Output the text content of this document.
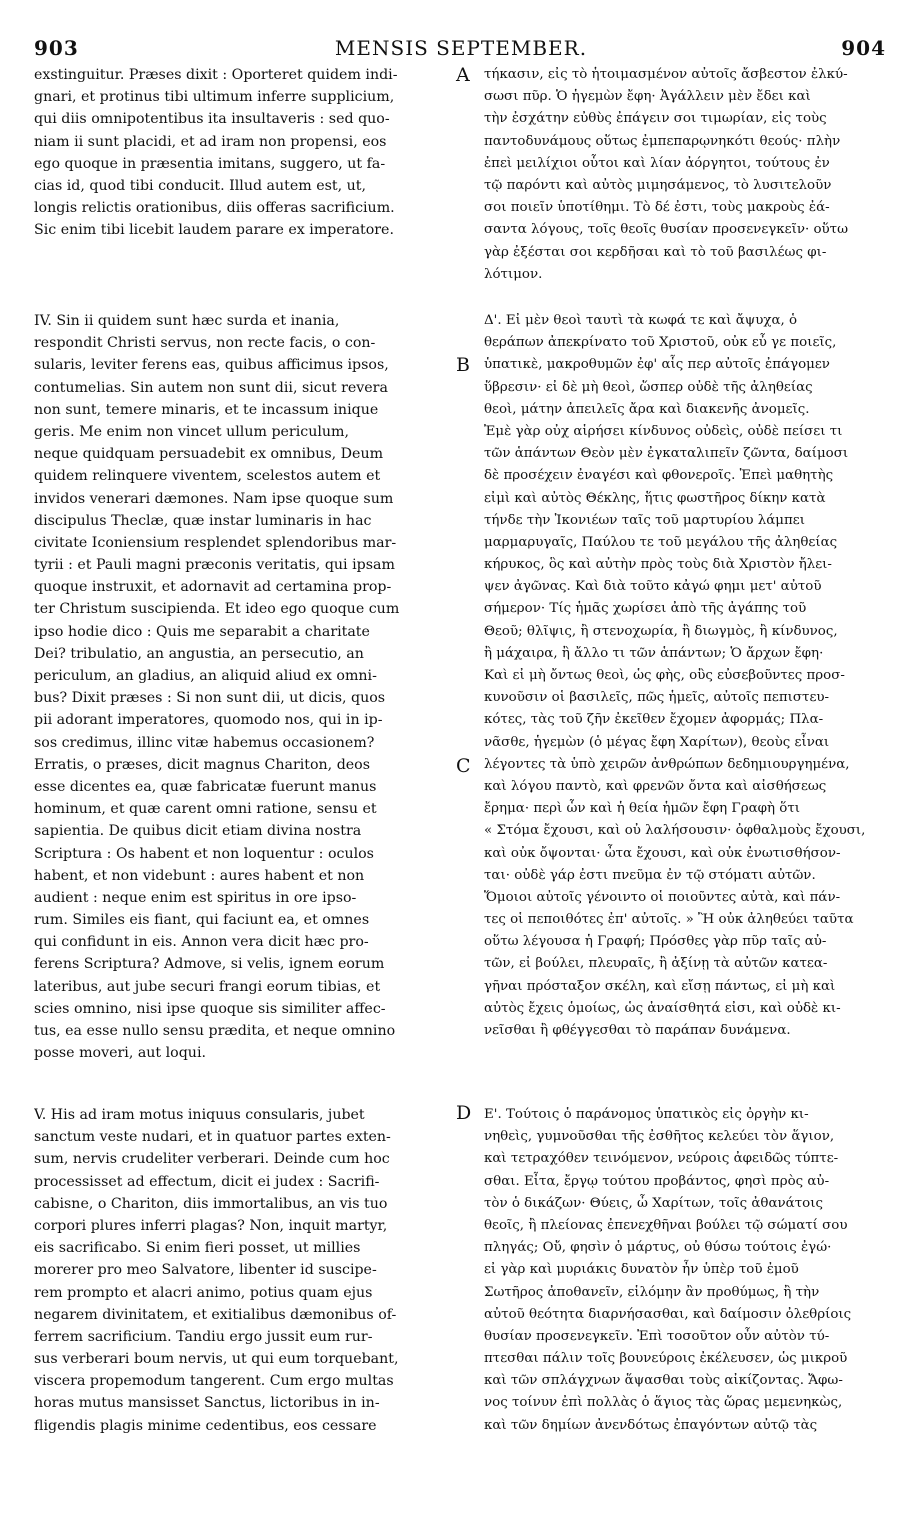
903	MENSIS SEPTEMBER.	904
exstinguitur. Præses dixit : Oporteret quidem indi-
gnari, et protinus tibi ultimum inferre supplicium,
qui diis omnipotentibus ita insultaveris : sed quo-
niam ii sunt placidi, et ad iram non propensi, eos
ego quoque in præsentia imitans, suggero, ut fa-
cias id, quod tibi conducit. Illud autem est, ut,
longis relictis orationibus, diis offeras sacrificium.
Sic enim tibi licebit laudem parare ex imperatore.
IV. Sin ii quidem sunt hæc surda et inania,
respondit Christi servus, non recte facis, o con-
sularis, leviter ferens eas, quibus afficimus ipsos,
contumelias. Sin autem non sunt dii, sicut revera
non sunt, temere minaris, et te incassum inique
geris. Me enim non vincet ullum periculum,
neque quidquam persuadebit ex omnibus, Deum
quidem relinquere viventem, scelestos autem et
invidos venerari dæmones. Nam ipse quoque sum
discipulus Theclæ, quæ instar luminaris in hac
civitate Iconiensium resplendet splendoribus mar-
tyrii : et Pauli magni præconis veritatis, qui ipsam
quoque instruxit, et adornavit ad certamina prop-
ter Christum suscipienda. Et ideo ego quoque cum
ipso hodie dico : Quis me separabit a charitate
Dei? tribulatio, an angustia, an persecutio, an
periculum, an gladius, an aliquid aliud ex omni-
bus? Dixit præses : Si non sunt dii, ut dicis, quos
pii adorant imperatores, quomodo nos, qui in ip-
sos credimus, illinc vitæ habemus occasionem?
Erratis, o præses, dicit magnus Chariton, deos
esse dicentes ea, quæ fabricatæ fuerunt manus
hominum, et quæ carent omni ratione, sensu et
sapientia. De quibus dicit etiam divina nostra
Scriptura : Os habent et non loquentur : oculos
habent, et non videbunt : aures habent et non
audient : neque enim est spiritus in ore ipso-
rum. Similes eis fiant, qui faciunt ea, et omnes
qui confidunt in eis. Annon vera dicit hæc pro-
ferens Scriptura? Admove, si velis, ignem eorum
lateribus, aut jube securi frangi eorum tibias, et
scies omnino, nisi ipse quoque sis similiter affec-
tus, ea esse nullo sensu prædita, et neque omnino
posse moveri, aut loqui.
V. His ad iram motus iniquus consularis, jubet
sanctum veste nudari, et in quatuor partes exten-
sum, nervis crudeliter verberari. Deinde cum hoc
processisset ad effectum, dicit ei judex : Sacrifi-
cabisne, o Chariton, diis immortalibus, an vis tuo
corpori plures inferri plagas? Non, inquit martyr,
eis sacrificabo. Si enim fieri posset, ut millies
morerer pro meo Salvatore, libenter id suscipe-
rem prompto et alacri animo, potius quam ejus
negarem divinitatem, et exitialibus dæmonibus of-
ferrem sacrificium. Tandiu ergo jussit eum rur-
sus verberari boum nervis, ut qui eum torquebant,
viscera propemodum tangerent. Cum ergo multas
horas mutus mansisset Sanctus, lictoribus in in-
fligendis plagis minime cedentibus, eos cessare
τήκασιν, εἰς τὸ ἡτοιμασμένον αὐτοῖς ἄσβεστον ἐλκύ-
σωσι πῦρ. Ὁ ἡγεμὼν ἔφη· Ἀγάλλειν μὲν ἔδει καὶ
τὴν ἐσχάτην εὐθὺς ἐπάγειν σοι τιμωρίαν, εἰς τοὺς
παντοδυνάμους οὕτως ἐμπεπαρῳνηκότι θεούς· πλὴν
ἐπεὶ μειλίχιοι οὗτοι καὶ λίαν ἀόργητοι, τούτους ἐν
τῷ παρόντι καὶ αὐτὸς μιμησάμενος, τὸ λυσιτελοῦν
σοι ποιεῖν ὑποτίθημι. Τὸ δέ ἐστι, τοὺς μακροὺς ἐά-
σαντα λόγους, τοῖς θεοῖς θυσίαν προσενεγκεῖν· οὕτω
γὰρ ἐξέσται σοι κερδῆσαι καὶ τὸ τοῦ βασιλέως φι-
λότιμον.
Δ'. Εἰ μὲν θεοὶ ταυτὶ τὰ κωφά τε καὶ ἄψυχα, ὁ
θεράπων ἀπεκρίνατο τοῦ Χριστοῦ, οὐκ εὖ γε ποιεῖς,
ὑπατικὲ, μακροθυμῶν ἐφ' αἷς περ αὐτοῖς ἐπάγομεν
ὕβρεσιν· εἰ δὲ μὴ θεοὶ, ὥσπερ οὐδὲ τῆς ἀληθείας
θεοὶ, μάτην ἀπειλεῖς ἄρα καὶ διακενῆς ἀνομεῖς.
Ἐμὲ γὰρ οὐχ αἱρήσει κίνδυνος οὐδεὶς, οὐδὲ πείσει τι
τῶν ἁπάντων Θεὸν μὲν ἐγκαταλιπεῖν ζῶντα, δαίμοσι
δὲ προσέχειν ἐναγέσι καὶ φθονεροῖς. Ἐπεὶ μαθητὴς
εἰμὶ καὶ αὐτὸς Θέκλης, ἥτις φωστῆρος δίκην κατὰ
τήνδε τὴν Ἰκονιέων ταῖς τοῦ μαρτυρίου λάμπει
μαρμαρυγαῖς, Παύλου τε τοῦ μεγάλου τῆς ἀληθείας
κήρυκος, ὃς καὶ αὐτὴν πρὸς τοὺς διὰ Χριστὸν ἤλει-
ψεν ἀγῶνας. Καὶ διὰ τοῦτο κἀγώ φημι μετ' αὐτοῦ
σήμερον· Τίς ἡμᾶς χωρίσει ἀπὸ τῆς ἀγάπης τοῦ
Θεοῦ; θλῖψις, ἢ στενοχωρία, ἢ διωγμὸς, ἢ κίνδυνος,
ἢ μάχαιρα, ἢ ἄλλο τι τῶν ἁπάντων; Ὁ ἄρχων ἔφη·
Καὶ εἰ μὴ ὄντως θεοὶ, ὡς φὴς, οὓς εὐσεβοῦντες προσ-
κυνοῦσιν οἱ βασιλεῖς, πῶς ἡμεῖς, αὐτοῖς πεπιστευ-
κότες, τὰς τοῦ ζῆν ἐκεῖθεν ἔχομεν ἀφορμάς; Πλα-
νᾶσθε, ἡγεμὼν (ὁ μέγας ἔφη Χαρίτων), θεοὺς εἶναι
λέγοντες τὰ ὑπὸ χειρῶν ἀνθρώπων δεδημιουργημένα,
καὶ λόγου παντὸ, καὶ φρενῶν ὄντα καὶ αἰσθήσεως
ἔρημα· περὶ ὧν καὶ ἡ θεία ἡμῶν ἔφη Γραφὴ ὅτι
« Στόμα ἔχουσι, καὶ οὐ λαλήσουσιν· ὀφθαλμοὺς ἔχουσι,
καὶ οὐκ ὄψονται· ὦτα ἔχουσι, καὶ οὐκ ἐνωτισθήσον-
ται· οὐδὲ γάρ ἐστι πνεῦμα ἐν τῷ στόματι αὐτῶν.
Ὅμοιοι αὐτοῖς γένοιντο οἱ ποιοῦντες αὐτὰ, καὶ πάν-
τες οἱ πεποιθότες ἐπ' αὐτοῖς. » Ἢ οὐκ ἀληθεύει ταῦτα
οὕτω λέγουσα ἡ Γραφή; Πρόσθες γὰρ πῦρ ταῖς αὐ-
τῶν, εἰ βούλει, πλευραῖς, ἢ ἀξίνῃ τὰ αὐτῶν κατεα-
γῆναι πρόσταξον σκέλη, καὶ εἴσῃ πάντως, εἰ μὴ καὶ
αὐτὸς ἔχεις ὁμοίως, ὡς ἀναίσθητά εἰσι, καὶ οὐδὲ κι-
νεῖσθαι ἢ φθέγγεσθαι τὸ παράπαν δυνάμενα.
Ε'. Τούτοις ὁ παράνομος ὑπατικὸς εἰς ὀργὴν κι-
νηθεὶς, γυμνοῦσθαι τῆς ἐσθῆτος κελεύει τὸν ἅγιον,
καὶ τετραχόθεν τεινόμενον, νεύροις ἀφειδῶς τύπτε-
σθαι. Εἶτα, ἔργῳ τούτου προβάντος, φησὶ πρὸς αὐ-
τὸν ὁ δικάζων· Θύεις, ὦ Χαρίτων, τοῖς ἀθανάτοις
θεοῖς, ἢ πλείονας ἐπενεχθῆναι βούλει τῷ σώματί σου
πληγάς; Οὔ, φησὶν ὁ μάρτυς, οὐ θύσω τούτοις ἐγώ·
εἰ γὰρ καὶ μυριάκις δυνατὸν ἦν ὑπὲρ τοῦ ἐμοῦ
Σωτῆρος ἀποθανεῖν, εἱλόμην ἂν προθύμως, ἢ τὴν
αὐτοῦ θεότητα διαρνήσασθαι, καὶ δαίμοσιν ὀλεθρίοις
θυσίαν προσενεγκεῖν. Ἐπὶ τοσοῦτον οὖν αὐτὸν τύ-
πτεσθαι πάλιν τοῖς βουνεύροις ἐκέλευσεν, ὡς μικροῦ
καὶ τῶν σπλάγχνων ἅψασθαι τοὺς αἰκίζοντας. Ἄφω-
νος τοίνυν ἐπὶ πολλὰς ὁ ἅγιος τὰς ὥρας μεμενηκὼς,
καὶ τῶν δημίων ἀνενδότως ἐπαγόντων αὐτῷ τὰς
A
B
C
D
